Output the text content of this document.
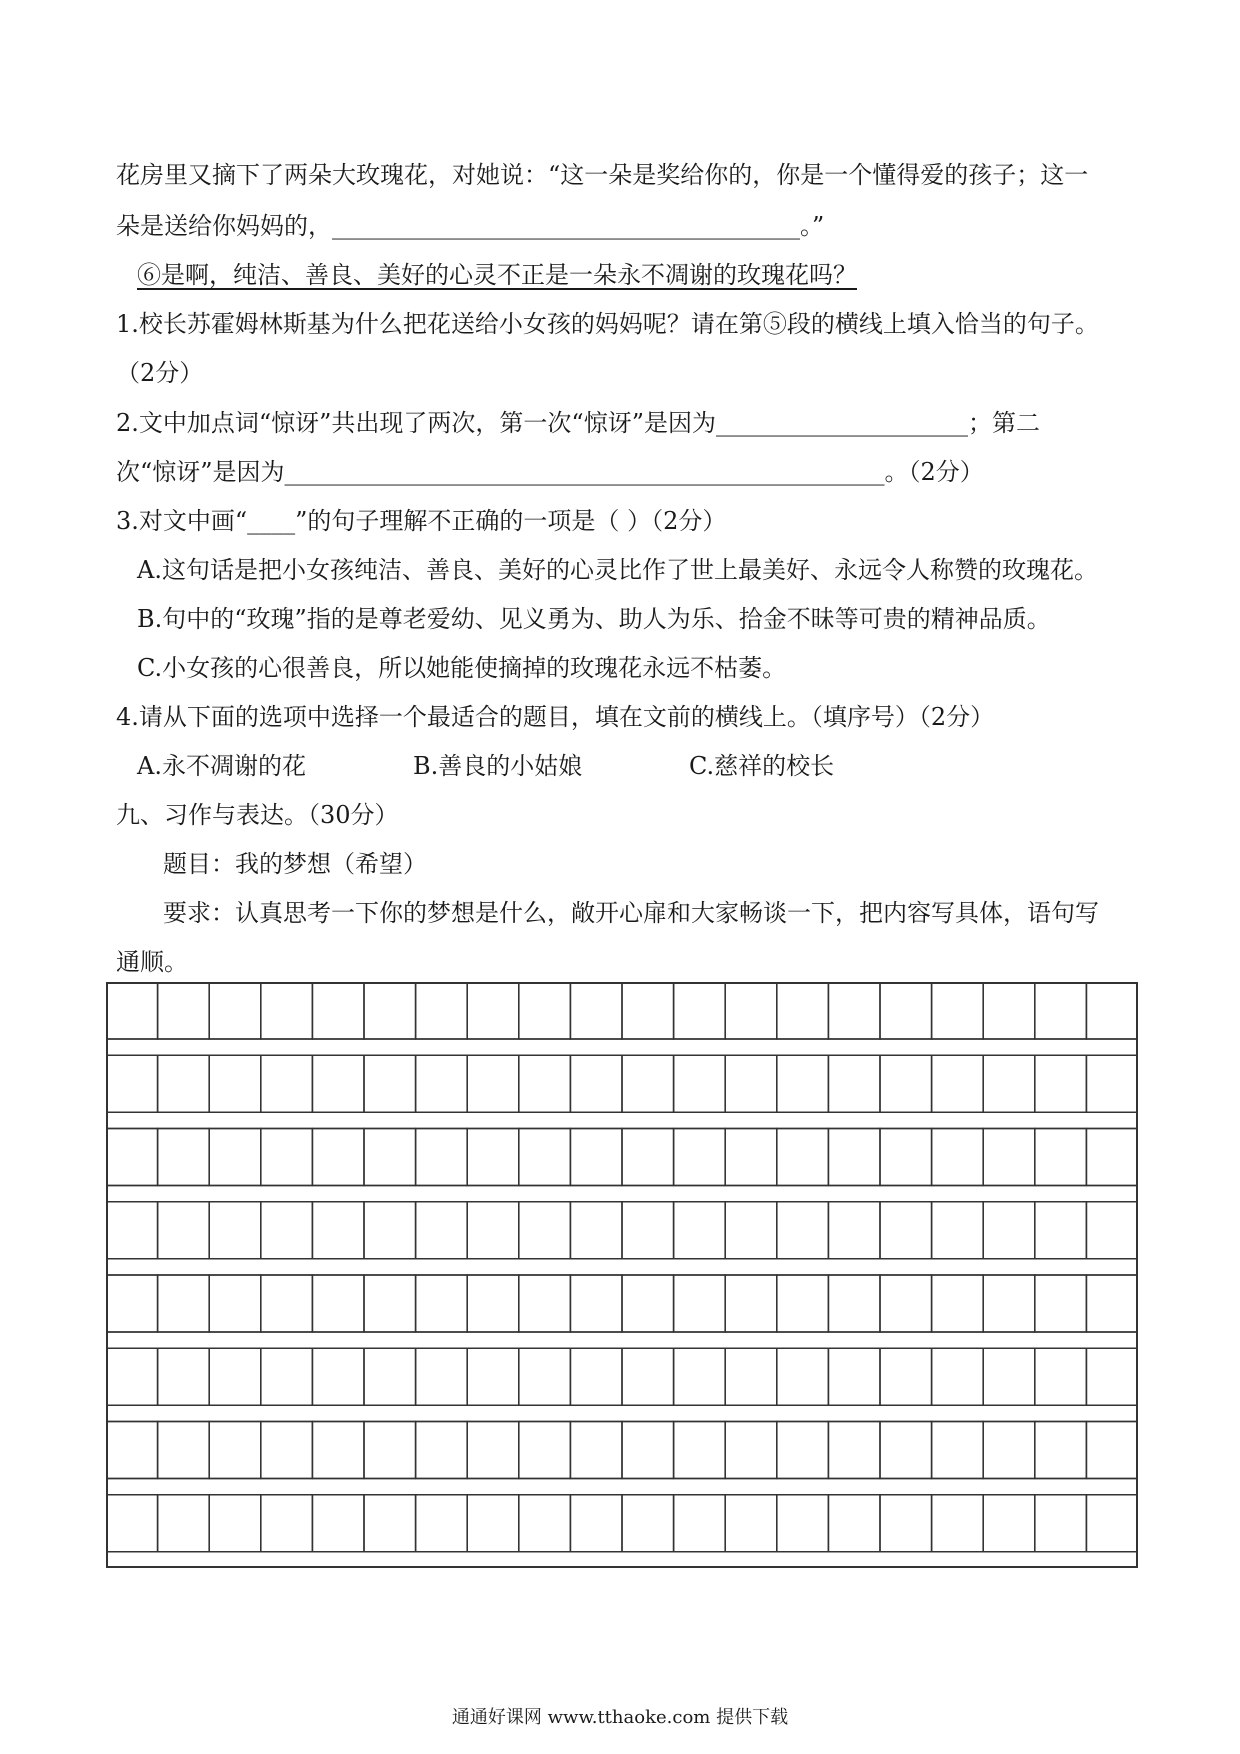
花房里又摘下了两朵大玫瑰花，对她说：“这一朵是奖给你的，你是一个懂得爱的孩子；这一
朵是送给你妈妈的，_______________________________________。”
⑥是啊，纯洁、善良、美好的心灵不正是一朵永不凋谢的玫瑰花吗？
1.校长苏霍姆林斯基为什么把花送给小女孩的妈妈呢？请在第⑤段的横线上填入恰当的句子。
（2分）
2.文中加点词“惊讶”共出现了两次，第一次“惊讶”是因为_____________________；第二
次“惊讶”是因为__________________________________________________。（2分）
3.对文中画“____”的句子理解不正确的一项是（ ）（2分）
A.这句话是把小女孩纯洁、善良、美好的心灵比作了世上最美好、永远令人称赞的玫瑰花。
B.句中的“玫瑰”指的是尊老爱幼、见义勇为、助人为乐、拾金不昧等可贵的精神品质。
C.小女孩的心很善良，所以她能使摘掉的玫瑰花永远不枯萎。
4.请从下面的选项中选择一个最适合的题目，填在文前的横线上。（填序号）（2分）
A.永不凋谢的花	B.善良的小姑娘	C.慈祥的校长
九、习作与表达。（30分）
题目：我的梦想（希望）
要求：认真思考一下你的梦想是什么，敞开心扉和大家畅谈一下，把内容写具体，语句写
通顺。
通通好课网 www.tthaoke.com 提供下载
